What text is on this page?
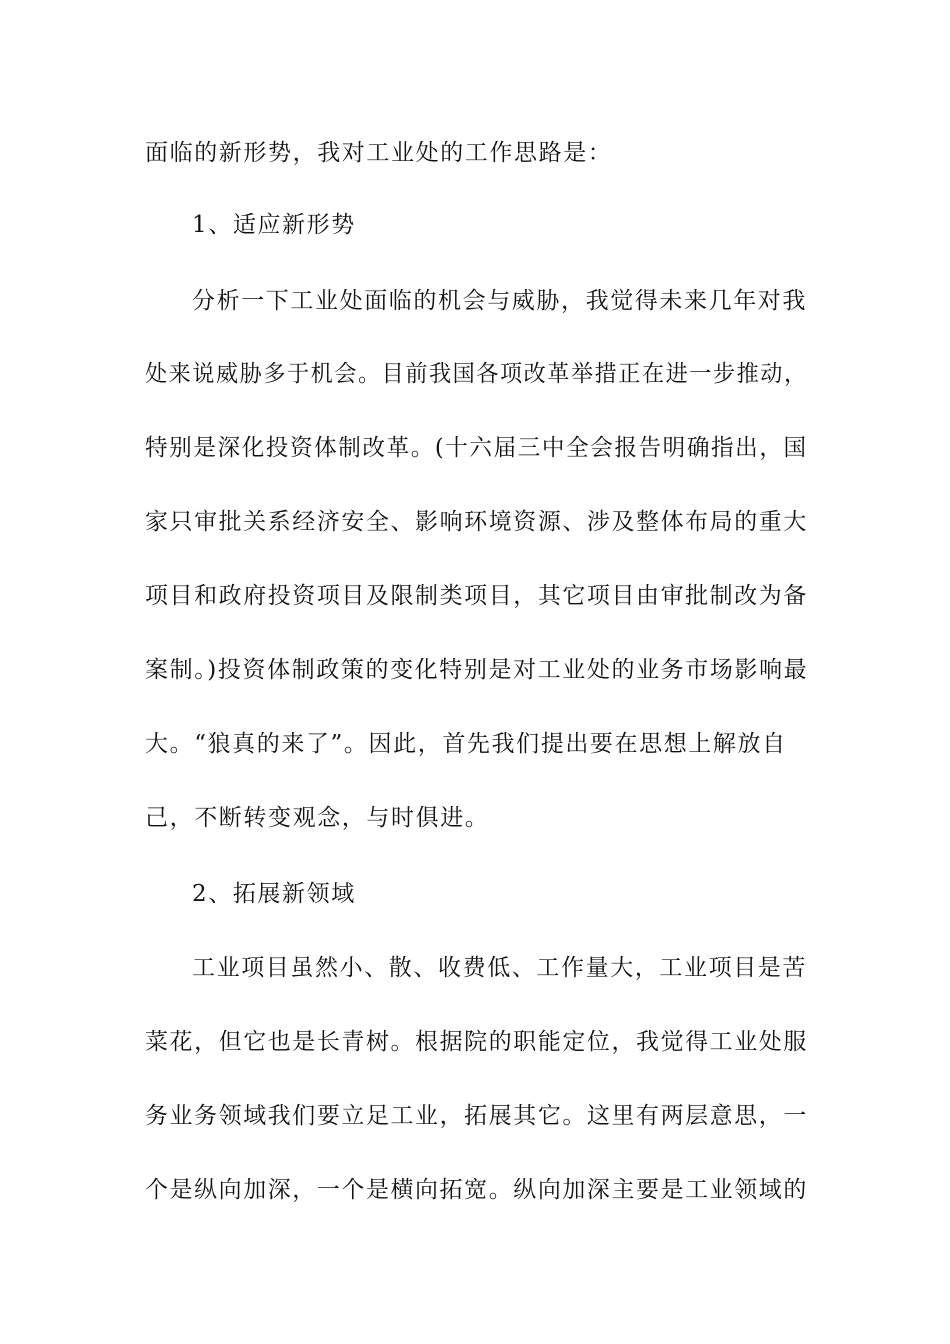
面临的新形势，我对工业处的工作思路是：
1、适应新形势
分析一下工业处面临的机会与威胁，我觉得未来几年对我
处来说威胁多于机会。目前我国各项改革举措正在进一步推动，
特别是深化投资体制改革。(十六届三中全会报告明确指出，国
家只审批关系经济安全、影响环境资源、涉及整体布局的重大
项目和政府投资项目及限制类项目，其它项目由审批制改为备
案制。)投资体制政策的变化特别是对工业处的业务市场影响最
大。“狼真的来了”。因此，首先我们提出要在思想上解放自
己，不断转变观念，与时俱进。
2、拓展新领域
工业项目虽然小、散、收费低、工作量大，工业项目是苦
菜花，但它也是长青树。根据院的职能定位，我觉得工业处服
务业务领域我们要立足工业，拓展其它。这里有两层意思，一
个是纵向加深，一个是横向拓宽。纵向加深主要是工业领域的
